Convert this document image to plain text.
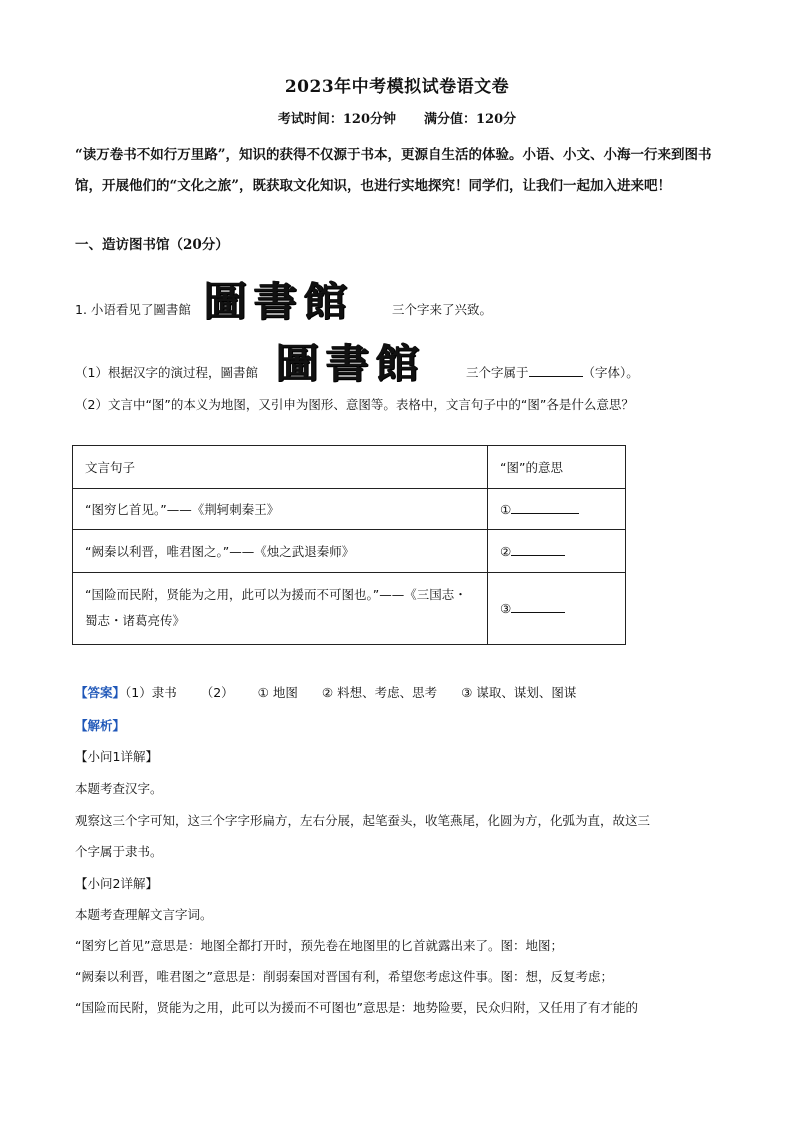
2023年中考模拟试卷语文卷
考试时间：120分钟 满分值：120分
“读万卷书不如行万里路”，知识的获得不仅源于书本，更源自生活的体验。小语、小文、小海一行来到图书馆，开展他们的“文化之旅”，既获取文化知识，也进行实地探究！同学们，让我们一起加入进来吧！
一、造访图书馆（20分）
1. 小语看见了圖書館 圖書館	三个字来了兴致。
（1）根据汉字的演过程，圖書館 圖書館	三个字属于	（字体）。
（2）文言中“图”的本义为地图，又引申为图形、意图等。表格中，文言句子中的“图”各是什么意思？
文言句子	“图”的意思
“图穷匕首见。”——《荆轲刺秦王》	①
“阙秦以利晋，唯君图之。”——《烛之武退秦师》	②

“国险而民附，贤能为之用，此可以为援而不可图也。”——《三国志・蜀志・诸葛亮传》	③
【答案】（1）隶书 （2） ① 地图 ② 料想、考虑、思考 ③ 谋取、谋划、图谋
【解析】
【小问1详解】
本题考查汉字。
观察这三个字可知，这三个字字形扁方，左右分展，起笔蚕头，收笔燕尾，化圆为方，化弧为直，故这三
个字属于隶书。
【小问2详解】
本题考查理解文言字词。
“图穷匕首见”意思是：地图全都打开时，预先卷在地图里的匕首就露出来了。图：地图；
“阙秦以利晋，唯君图之”意思是：削弱秦国对晋国有利，希望您考虑这件事。图：想，反复考虑；
“国险而民附，贤能为之用，此可以为援而不可图也”意思是：地势险要，民众归附，又任用了有才能的
